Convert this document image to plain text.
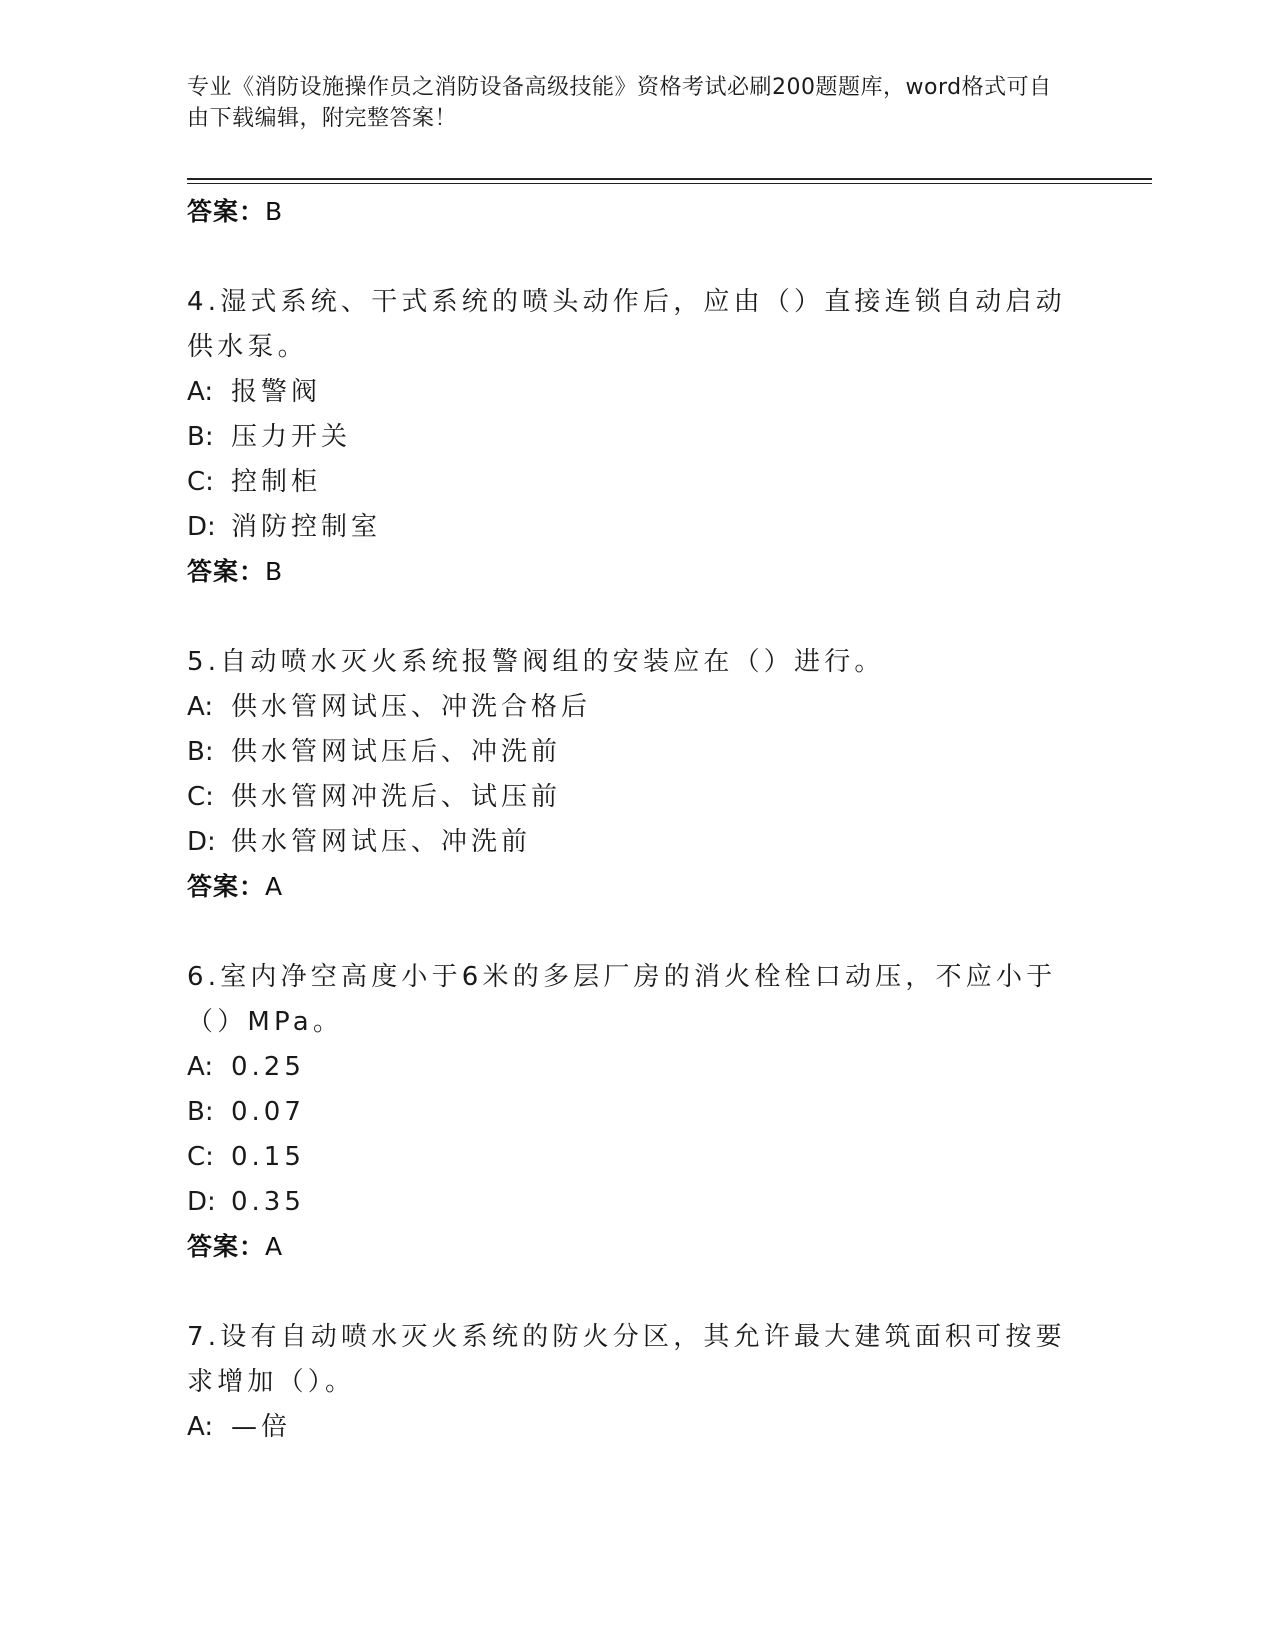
专业《消防设施操作员之消防设备高级技能》资格考试必刷200题题库，word格式可自由下载编辑，附完整答案！
答案：B
4.湿式系统、干式系统的喷头动作后，应由（）直接连锁自动启动供水泵。
A: 报警阀
B: 压力开关
C: 控制柜
D: 消防控制室
答案：B
5.自动喷水灭火系统报警阀组的安装应在（）进行。
A: 供水管网试压、冲洗合格后
B: 供水管网试压后、冲洗前
C: 供水管网冲洗后、试压前
D: 供水管网试压、冲洗前
答案：A
6.室内净空高度小于6米的多层厂房的消火栓栓口动压，不应小于（）MPa。
A: 0.25
B: 0.07
C: 0.15
D: 0.35
答案：A
7.设有自动喷水灭火系统的防火分区，其允许最大建筑面积可按要求增加（）。
A: —倍
